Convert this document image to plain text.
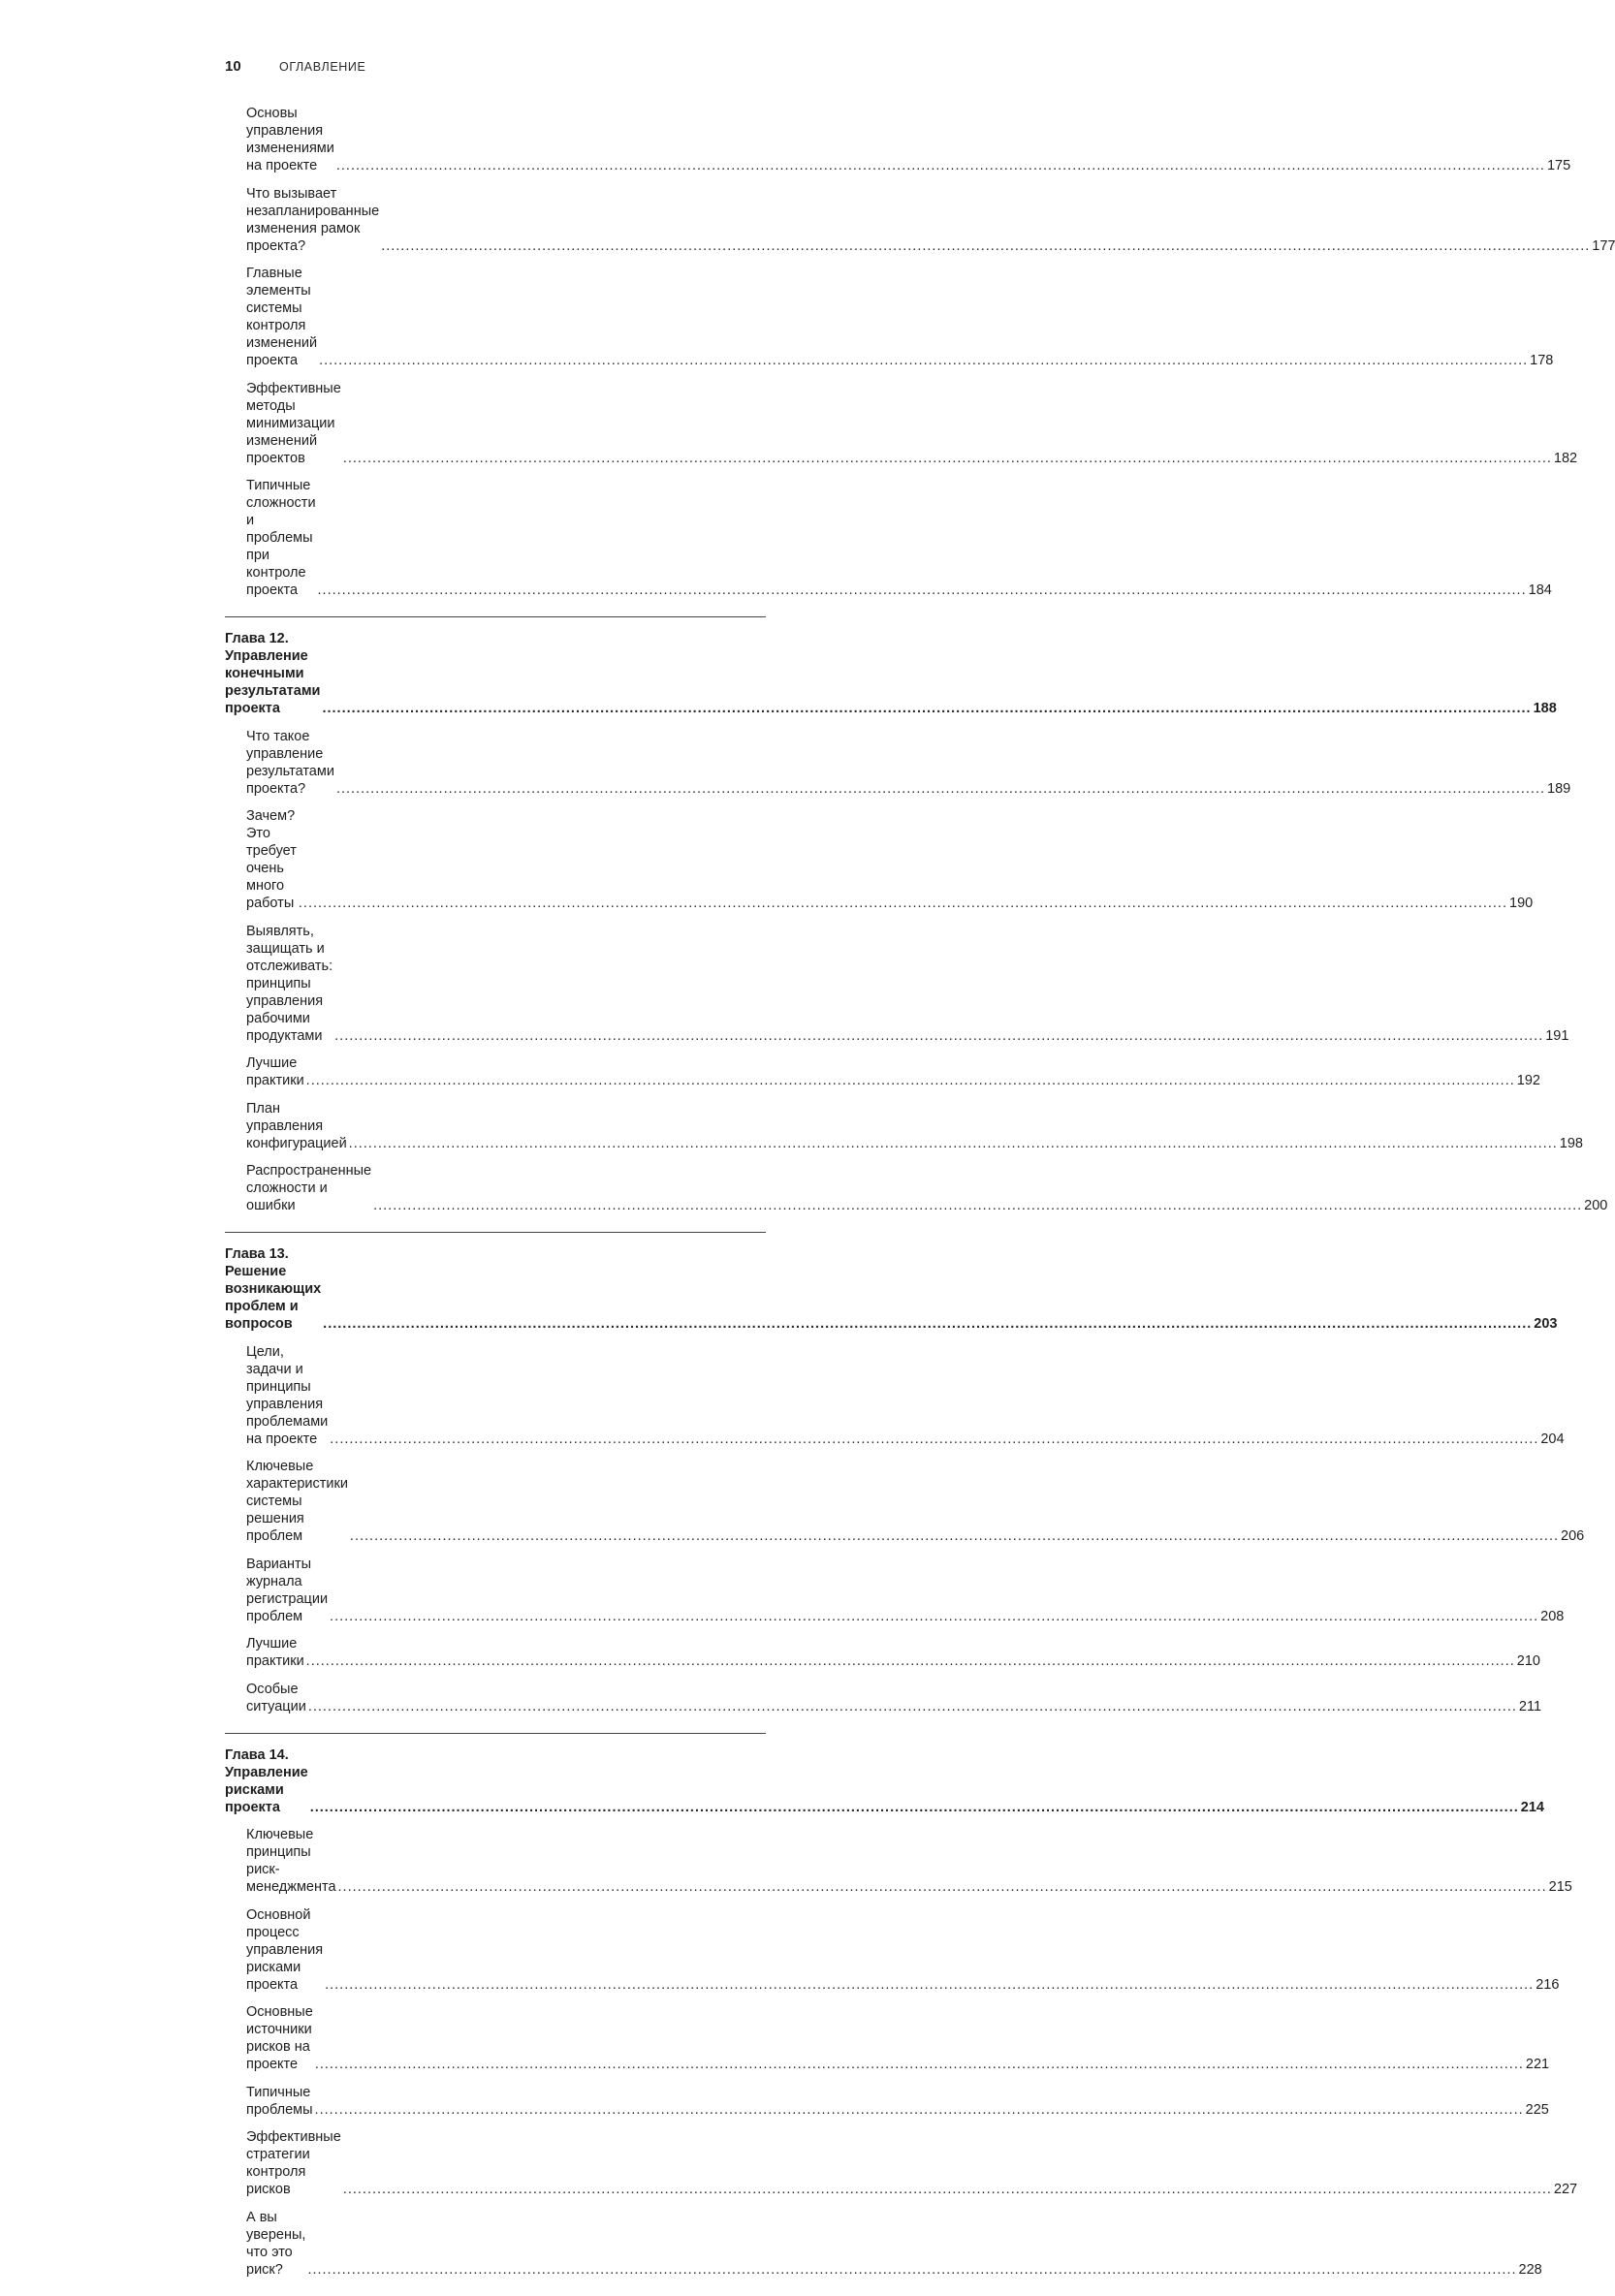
10	ОГЛАВЛЕНИЕ
Основы управления изменениями на проекте .....	175
Что вызывает незапланированные изменения рамок проекта? .....	177
Главные элементы системы контроля изменений проекта .....	178
Эффективные методы минимизации изменений проектов .....	182
Типичные сложности и проблемы при контроле проекта .....	184
Глава 12. Управление конечными результатами проекта .....	188
Что такое управление результатами проекта? .....	189
Зачем? Это требует очень много работы .....	190
Выявлять, защищать и отслеживать: принципы управления
рабочими продуктами .....	191
Лучшие практики .....	192
План управления конфигурацией .....	198
Распространенные сложности и ошибки .....	200
Глава 13. Решение возникающих проблем и вопросов .....	203
Цели, задачи и принципы управления проблемами на проекте .....	204
Ключевые характеристики системы решения проблем .....	206
Варианты журнала регистрации проблем .....	208
Лучшие практики .....	210
Особые ситуации .....	211
Глава 14. Управление рисками проекта .....	214
Ключевые принципы риск-менеджмента .....	215
Основной процесс управления рисками проекта .....	216
Основные источники рисков на проекте .....	221
Типичные проблемы .....	225
Эффективные стратегии контроля рисков .....	227
А вы уверены, что это риск? .....	228
